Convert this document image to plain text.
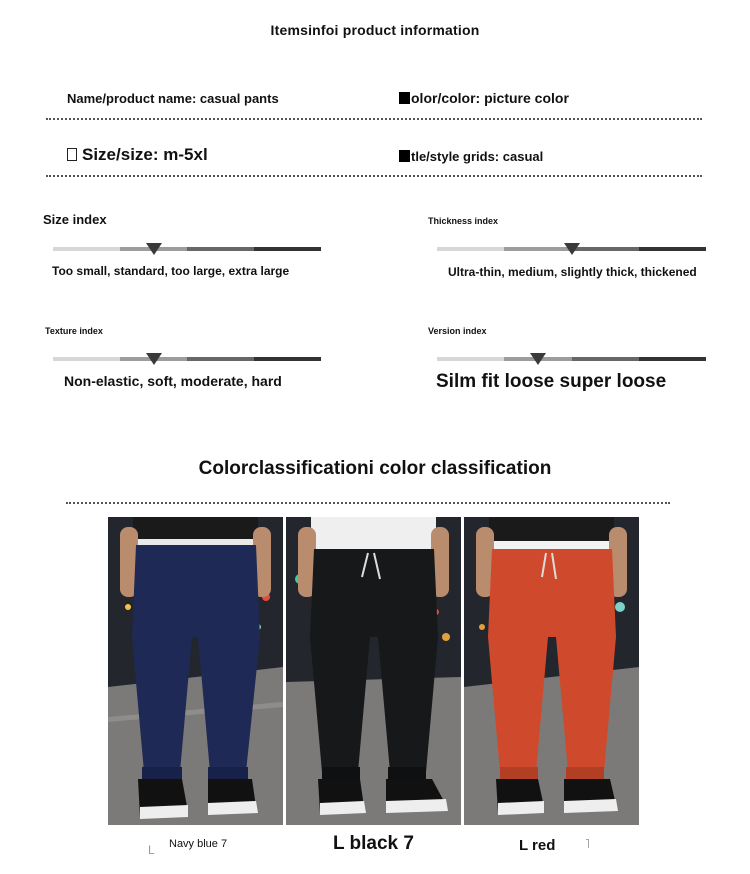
Itemsinfoi product information
Name/product name: casual pants	olor/color: picture color
Size/size: m-5xl	tle/style grids: casual
Size index
Too small, standard, too large, extra large
Thickness index
Ultra-thin, medium, slightly thick, thickened
Texture index
Non-elastic, soft, moderate, hard
Version index
Silm fit loose super loose
Colorclassificationi color classification
L Navy blue 7	L black 7	L red ˥
